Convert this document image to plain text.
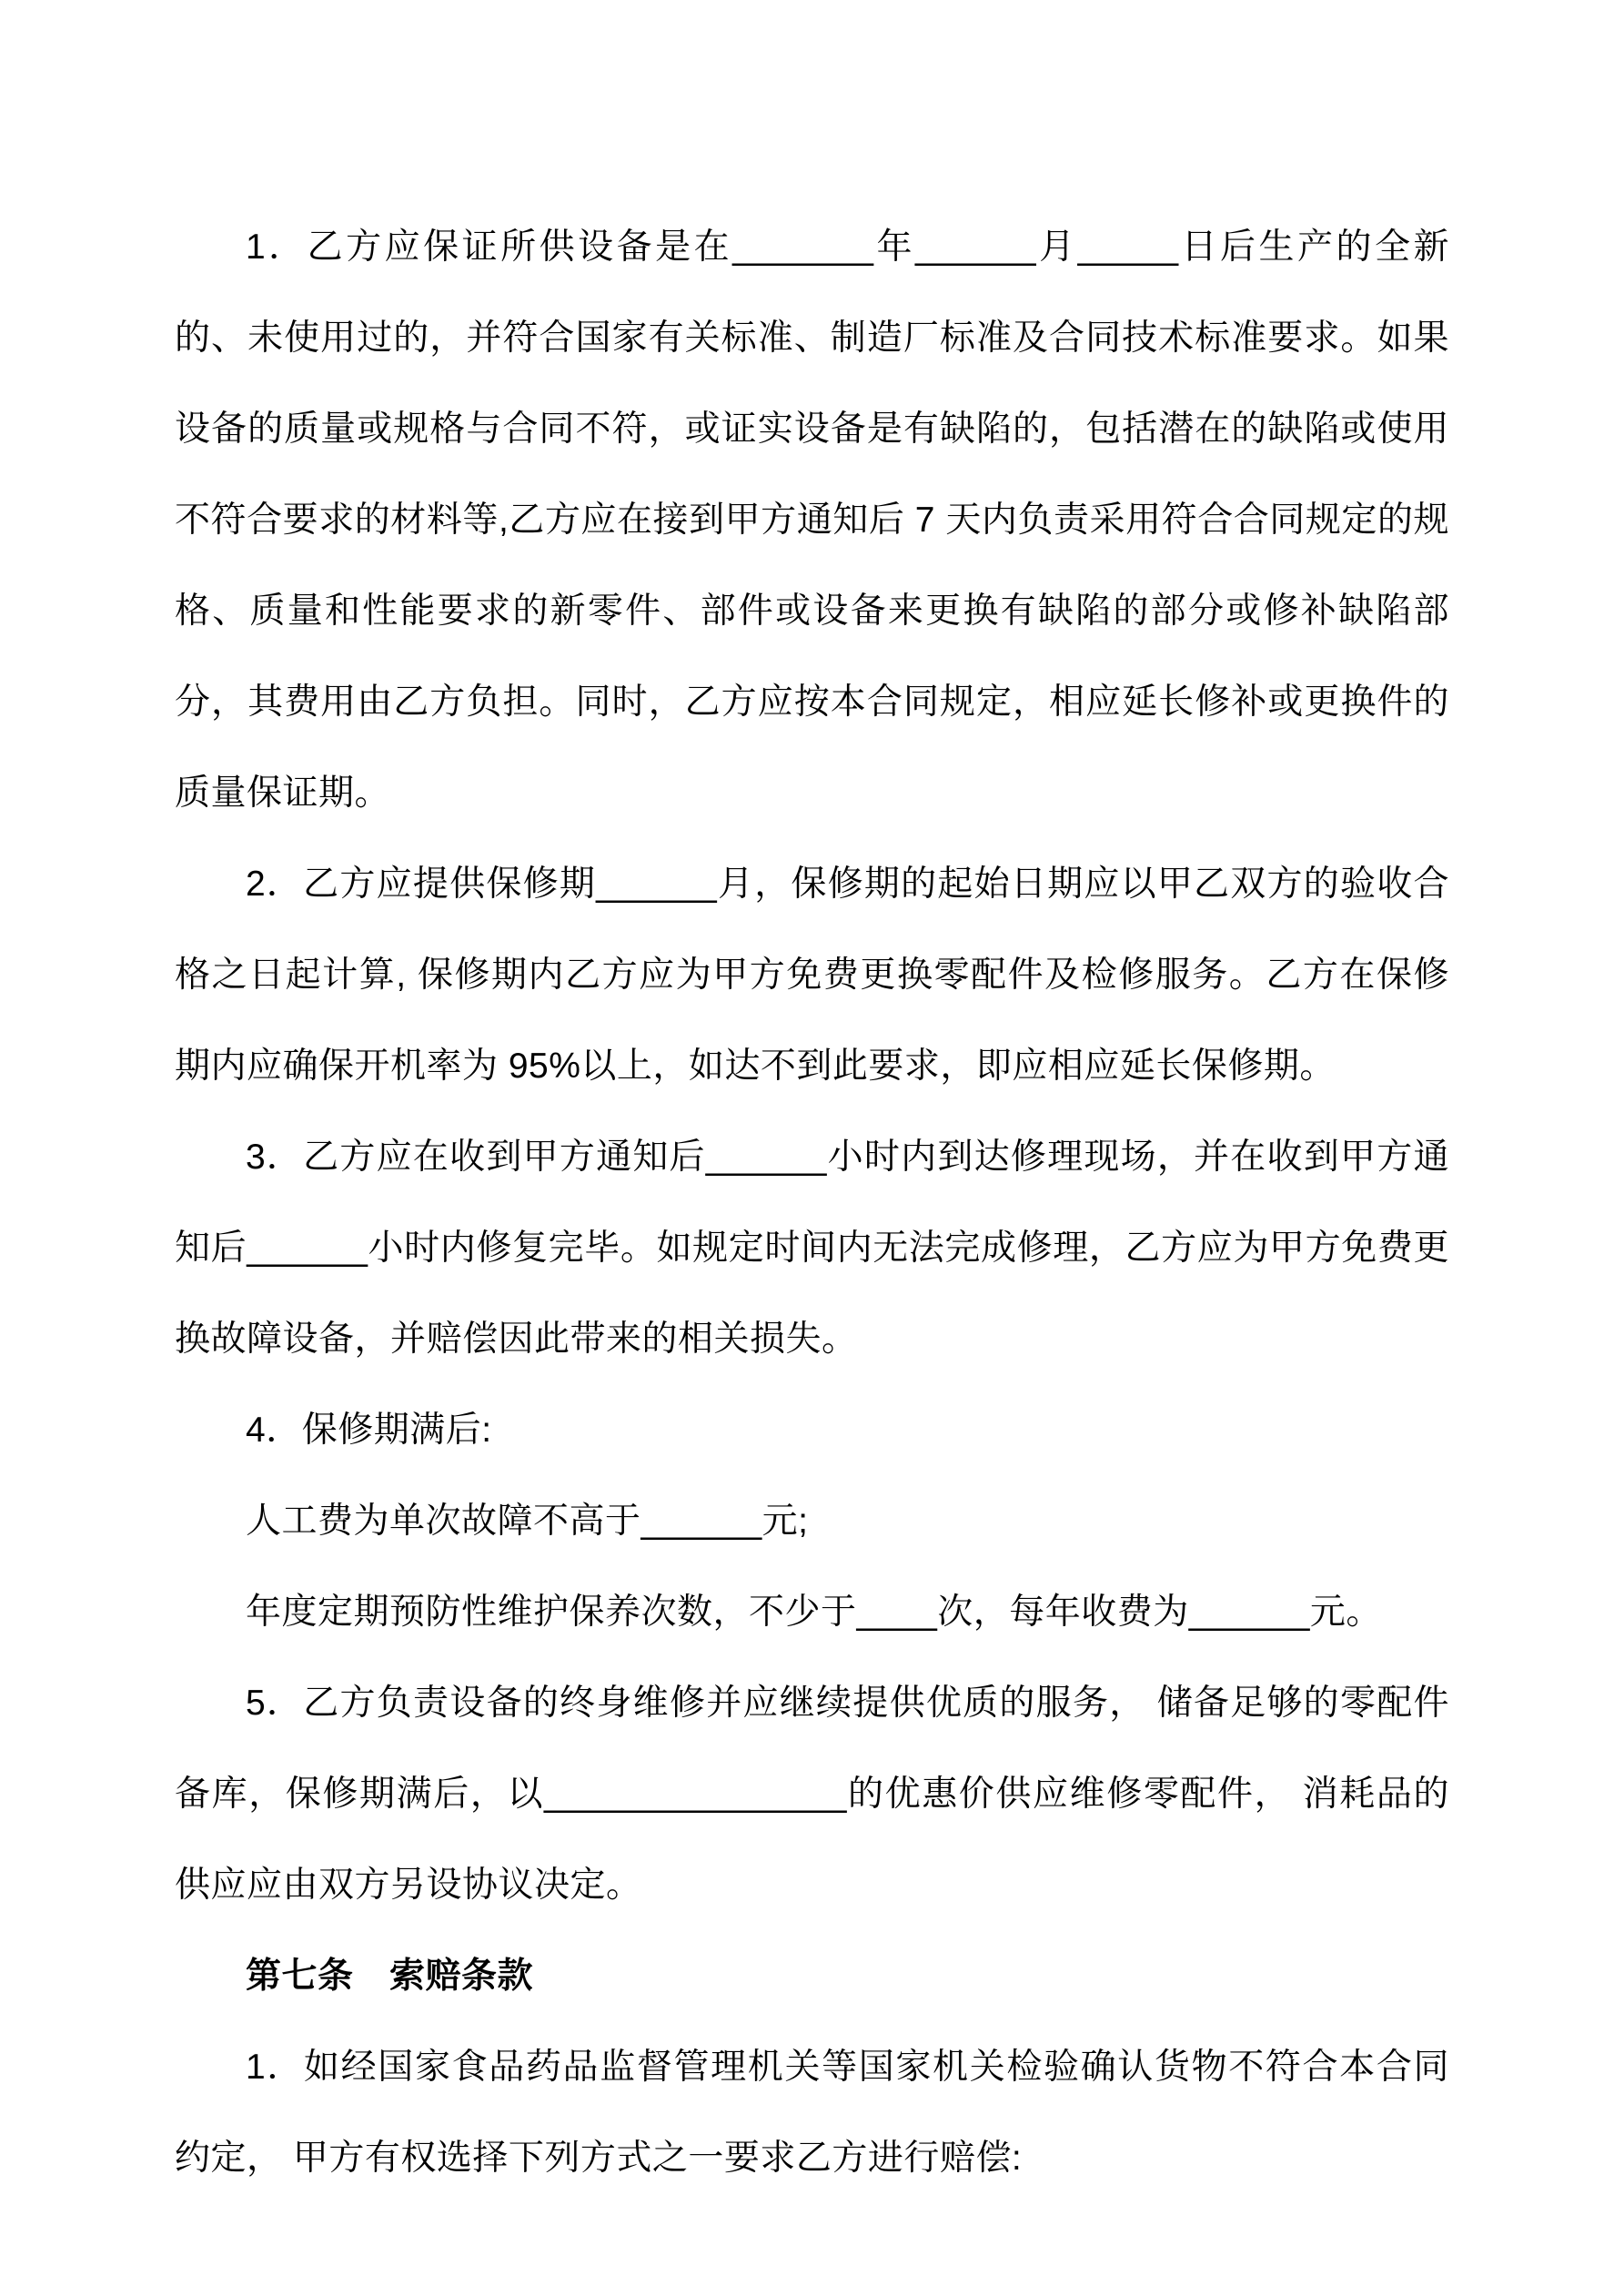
1．乙方应保证所供设备是在_______年______月_____日后生产的全新的、未使用过的，并符合国家有关标准、制造厂标准及合同技术标准要求。如果设备的质量或规格与合同不符，或证实设备是有缺陷的，包括潜在的缺陷或使用不符合要求的材料等,乙方应在接到甲方通知后 7 天内负责采用符合合同规定的规格、质量和性能要求的新零件、部件或设备来更换有缺陷的部分或修补缺陷部分，其费用由乙方负担。同时，乙方应按本合同规定，相应延长修补或更换件的质量保证期。

2．乙方应提供保修期______月，保修期的起始日期应以甲乙双方的验收合格之日起计算, 保修期内乙方应为甲方免费更换零配件及检修服务。乙方在保修期内应确保开机率为 95%以上，如达不到此要求，即应相应延长保修期。

3．乙方应在收到甲方通知后______小时内到达修理现场，并在收到甲方通知后______小时内修复完毕。如规定时间内无法完成修理，乙方应为甲方免费更换故障设备，并赔偿因此带来的相关损失。

4．保修期满后:

人工费为单次故障不高于______元;

年度定期预防性维护保养次数，不少于____次，每年收费为______元。

5．乙方负责设备的终身维修并应继续提供优质的服务， 储备足够的零配件备库，保修期满后，以_______________的优惠价供应维修零配件， 消耗品的供应应由双方另设协议决定。

第七条　索赔条款

1．如经国家食品药品监督管理机关等国家机关检验确认货物不符合本合同约定， 甲方有权选择下列方式之一要求乙方进行赔偿:
